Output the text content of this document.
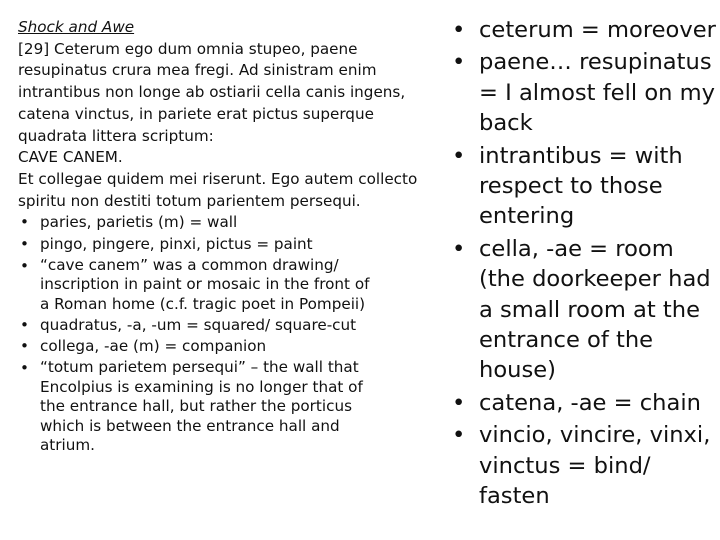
Shock and Awe

[29] Ceterum ego dum omnia stupeo, paene

resupinatus crura mea fregi. Ad sinistram enim

intrantibus non longe ab ostiarii cella canis ingens,

catena vinctus, in pariete erat pictus superque

quadrata littera scriptum:

CAVE CANEM.

Et collegae quidem mei riserunt. Ego autem collecto

spiritu non destiti totum parientem persequi.

• paries, parietis (m) = wall
• pingo, pingere, pinxi, pictus = paint
• “cave canem” was a common drawing/
inscription in paint or mosaic in the front of
a Roman home (c.f. tragic poet in Pompeii)
• quadratus, -a, -um = squared/ square-cut
• collega, -ae (m) = companion
• “totum parietem persequi” – the wall that
Encolpius is examining is no longer that of
the entrance hall, but rather the porticus
which is between the entrance hall and
atrium.
• ceterum = moreover
• paene… resupinatus
= I almost fell on my
back
• intrantibus = with
respect to those
entering
• cella, -ae = room
(the doorkeeper had
a small room at the
entrance of the
house)
• catena, -ae = chain
• vincio, vincire, vinxi,
vinctus = bind/
fasten
